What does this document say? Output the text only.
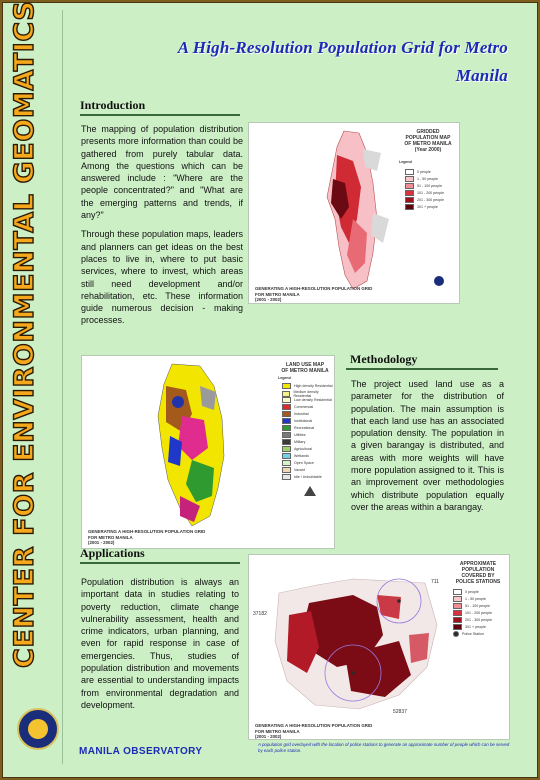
CENTER FOR ENVIRONMENTAL GEOMATICS	A High-Resolution Population Grid for Metro
Manila
Introduction

The mapping of population distribution presents more information than could be gathered from purely tabular data. Among the questions which can be answered include : "Where are the people concentrated?" and "What are the emerging patterns and trends, if any?"

Through these population maps, leaders and planners can get ideas on the best places to live in, where to put basic services, where to invest, which areas still need development and/or rehabilitation, etc. These information guide numerous decision - making processes.

GRIDDED
POPULATION MAP
OF METRO MANILA
(Year 2000)
Legend
0 people
1 - 50 people
51 - 100 people
101 - 200 people
201 - 300 people
301 + people
GENERATING A HIGH-RESOLUTION POPULATION GRID
FOR METRO MANILA
(2001 - 2002)
LAND USE MAP
OF METRO MANILA
Legend
High density Residential
Medium density Residential
Low density Residential
Commercial
Industrial
Institutional
Recreational
Utilities
Military
Agricultural
Wetlands
Open Space
Vacant
Idle / Unbuildable
GENERATING A HIGH-RESOLUTION POPULATION GRID
FOR METRO MANILA
(2001 - 2002)
Methodology
The project used land use as a parameter for the distribution of population. The main assumption is that each land use has an associated population density. The population in a given barangay is distributed, and areas with more weights will have more population assigned to it. This is an improvement over methodologies which distribute population equally over the areas within a barangay.
Applications
Population distribution is always an important data in studies relating to poverty reduction, climate change vulnerability assessment, health and crime indicators, urban planning, and even for rapid response in case of emergencies. Thus, studies of population distribution and movements are essential to understanding impacts from environmental degradation and development.
APPROXIMATE
POPULATION
COVERED BY
POLICE STATIONS
0 people
1 - 50 people
51 - 100 people
101 - 200 people
201 - 300 people
301 + people
Police Station
711
37182
52837
GENERATING A HIGH-RESOLUTION POPULATION GRID
FOR METRO MANILA
(2001 - 2002)
A population grid overlayed with the location of police stations to generate an approximate number of people which can be served by each police station.
MANILA OBSERVATORY
